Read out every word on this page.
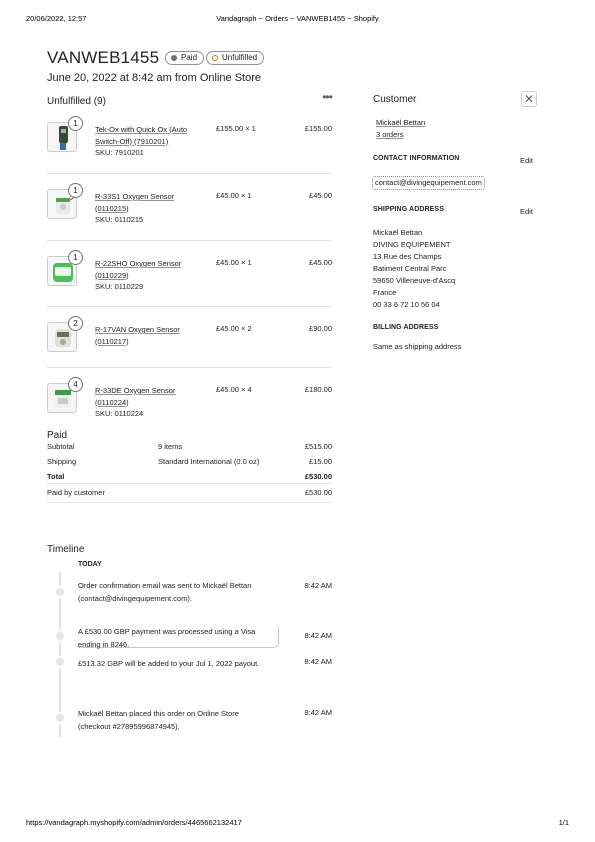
20/06/2022, 12:57	Vandagraph ~ Orders ~ VANWEB1455 ~ Shopify
VANWEB1455	Paid	Unfulfilled
June 20, 2022 at 8:42 am from Online Store
Unfulfilled (9)	•••
1
Tek-Ox with Quick Ox (Auto Switch-Off) (7910201)
SKU: 7910201
£155.00 × 1	£155.00
1
R-33S1 Oxygen Sensor (0110215)
SKU: 0110215
£45.00 × 1	£45.00
1
R-22SHO Oxygen Sensor (0110229)
SKU: 0110229
£45.00 × 1	£45.00
2
R-17VAN Oxygen Sensor (0110217)
£45.00 × 2	£90.00
4
R-33DE Oxygen Sensor (0110224)
SKU: 0110224
£45.00 × 4	£180.00
Paid
Subtotal	9 items	£515.00
Shipping	Standard International (0.0 oz)	£15.00
Total	£530.00
Paid by customer	£530.00
Customer	✕
Mickaël Bettan
3 orders
CONTACT INFORMATION	Edit
contact@divingequipement.com
SHIPPING ADDRESS	Edit
Mickaël Bettan
DIVING EQUIPEMENT
13 Rue des Champs
Batiment Central Parc
59650 Villeneuve-d'Ascq
France
00 33 6 72 10 56 04
BILLING ADDRESS
Same as shipping address
Timeline
TODAY
Order confirmation email was sent to Mickaël Bettan
(contact@divingequipement.com).
8:42 AM
A £530.00 GBP payment was processed using a Visa
ending in 8246.
8:42 AM
£513.32 GBP will be added to your Jul 1, 2022 payout.	8:42 AM
Mickaël Bettan placed this order on Online Store
(checkout #27895996874945).
8:42 AM
https://vandagraph.myshopify.com/admin/orders/4465662132417	1/1
